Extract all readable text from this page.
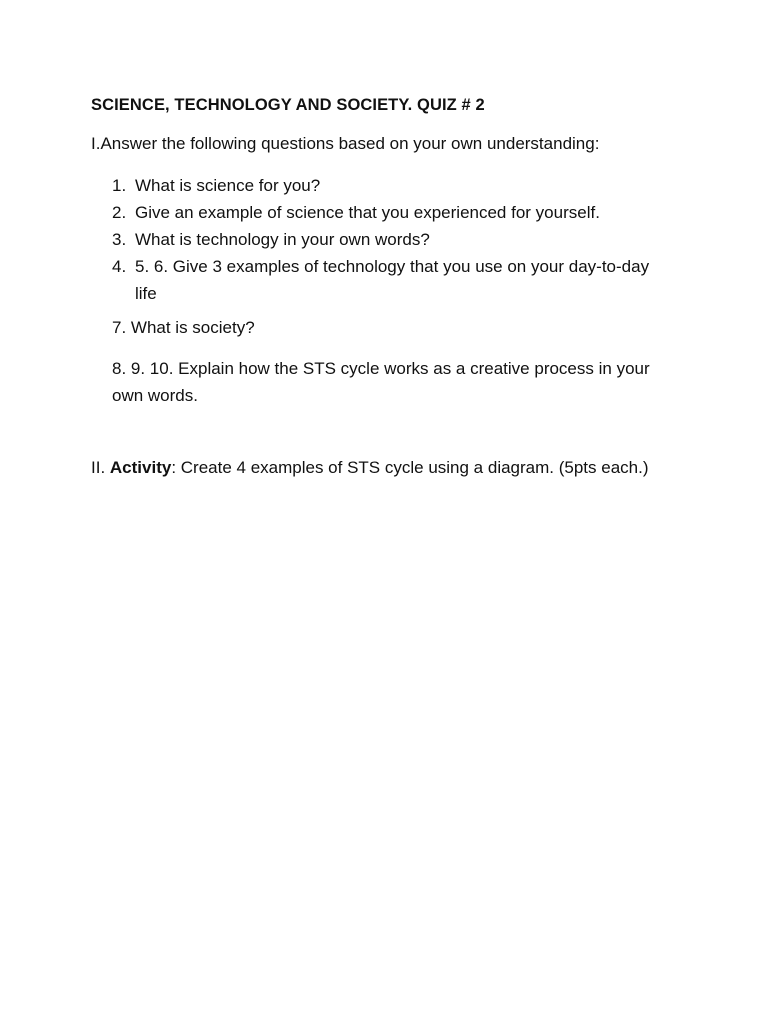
SCIENCE, TECHNOLOGY AND SOCIETY. QUIZ # 2
I.Answer the following questions based on your own understanding:
1. What is science for you?
2. Give an example of science that you experienced for yourself.
3. What is technology in your own words?
4. 5. 6. Give 3 examples of technology that you use on your day-to-day life
7. What is society?
8. 9. 10. Explain how the STS cycle works as a creative process in your own words.
II. Activity: Create 4 examples of STS cycle using a diagram. (5pts each.)
